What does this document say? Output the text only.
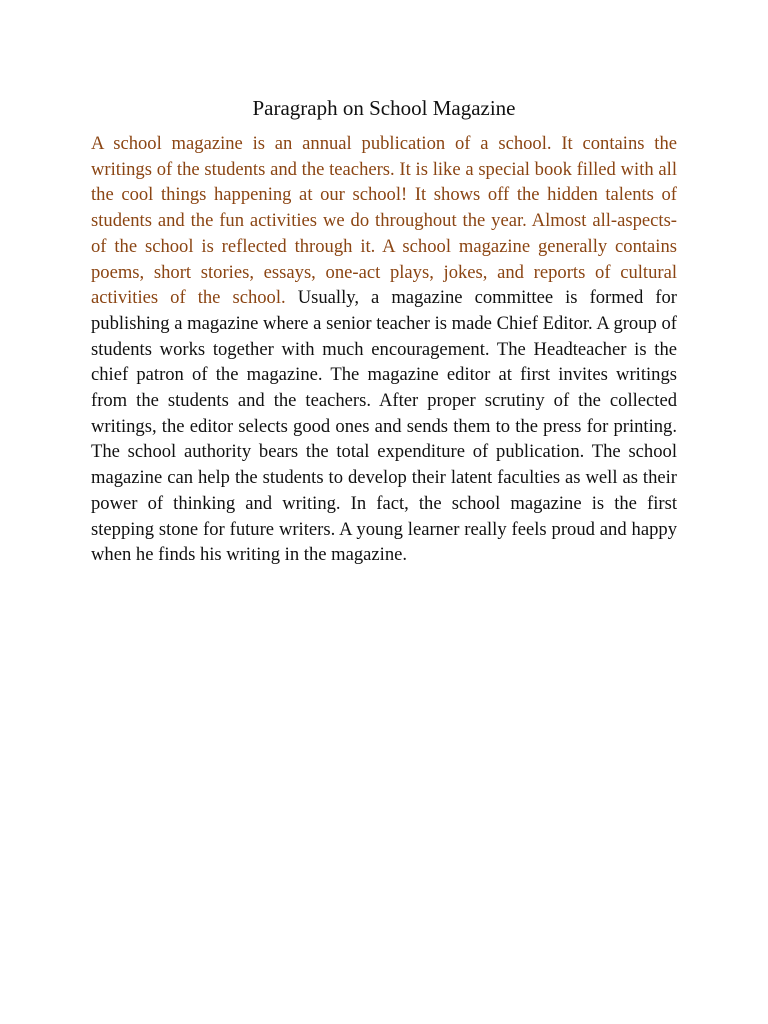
Paragraph on School Magazine

A school magazine is an annual publication of a school. It contains the writings of the students and the teachers. It is like a special book filled with all the cool things happening at our school! It shows off the hidden talents of students and the fun activities we do throughout the year. Almost all-aspects-of the school is reflected through it. A school magazine generally contains poems, short stories, essays, one-act plays, jokes, and reports of cultural activities of the school. Usually, a magazine committee is formed for publishing a magazine where a senior teacher is made Chief Editor. A group of students works together with much encouragement. The Headteacher is the chief patron of the magazine. The magazine editor at first invites writings from the students and the teachers. After proper scrutiny of the collected writings, the editor selects good ones and sends them to the press for printing. The school authority bears the total expenditure of publication. The school magazine can help the students to develop their latent faculties as well as their power of thinking and writing. In fact, the school magazine is the first stepping stone for future writers. A young learner really feels proud and happy when he finds his writing in the magazine.
